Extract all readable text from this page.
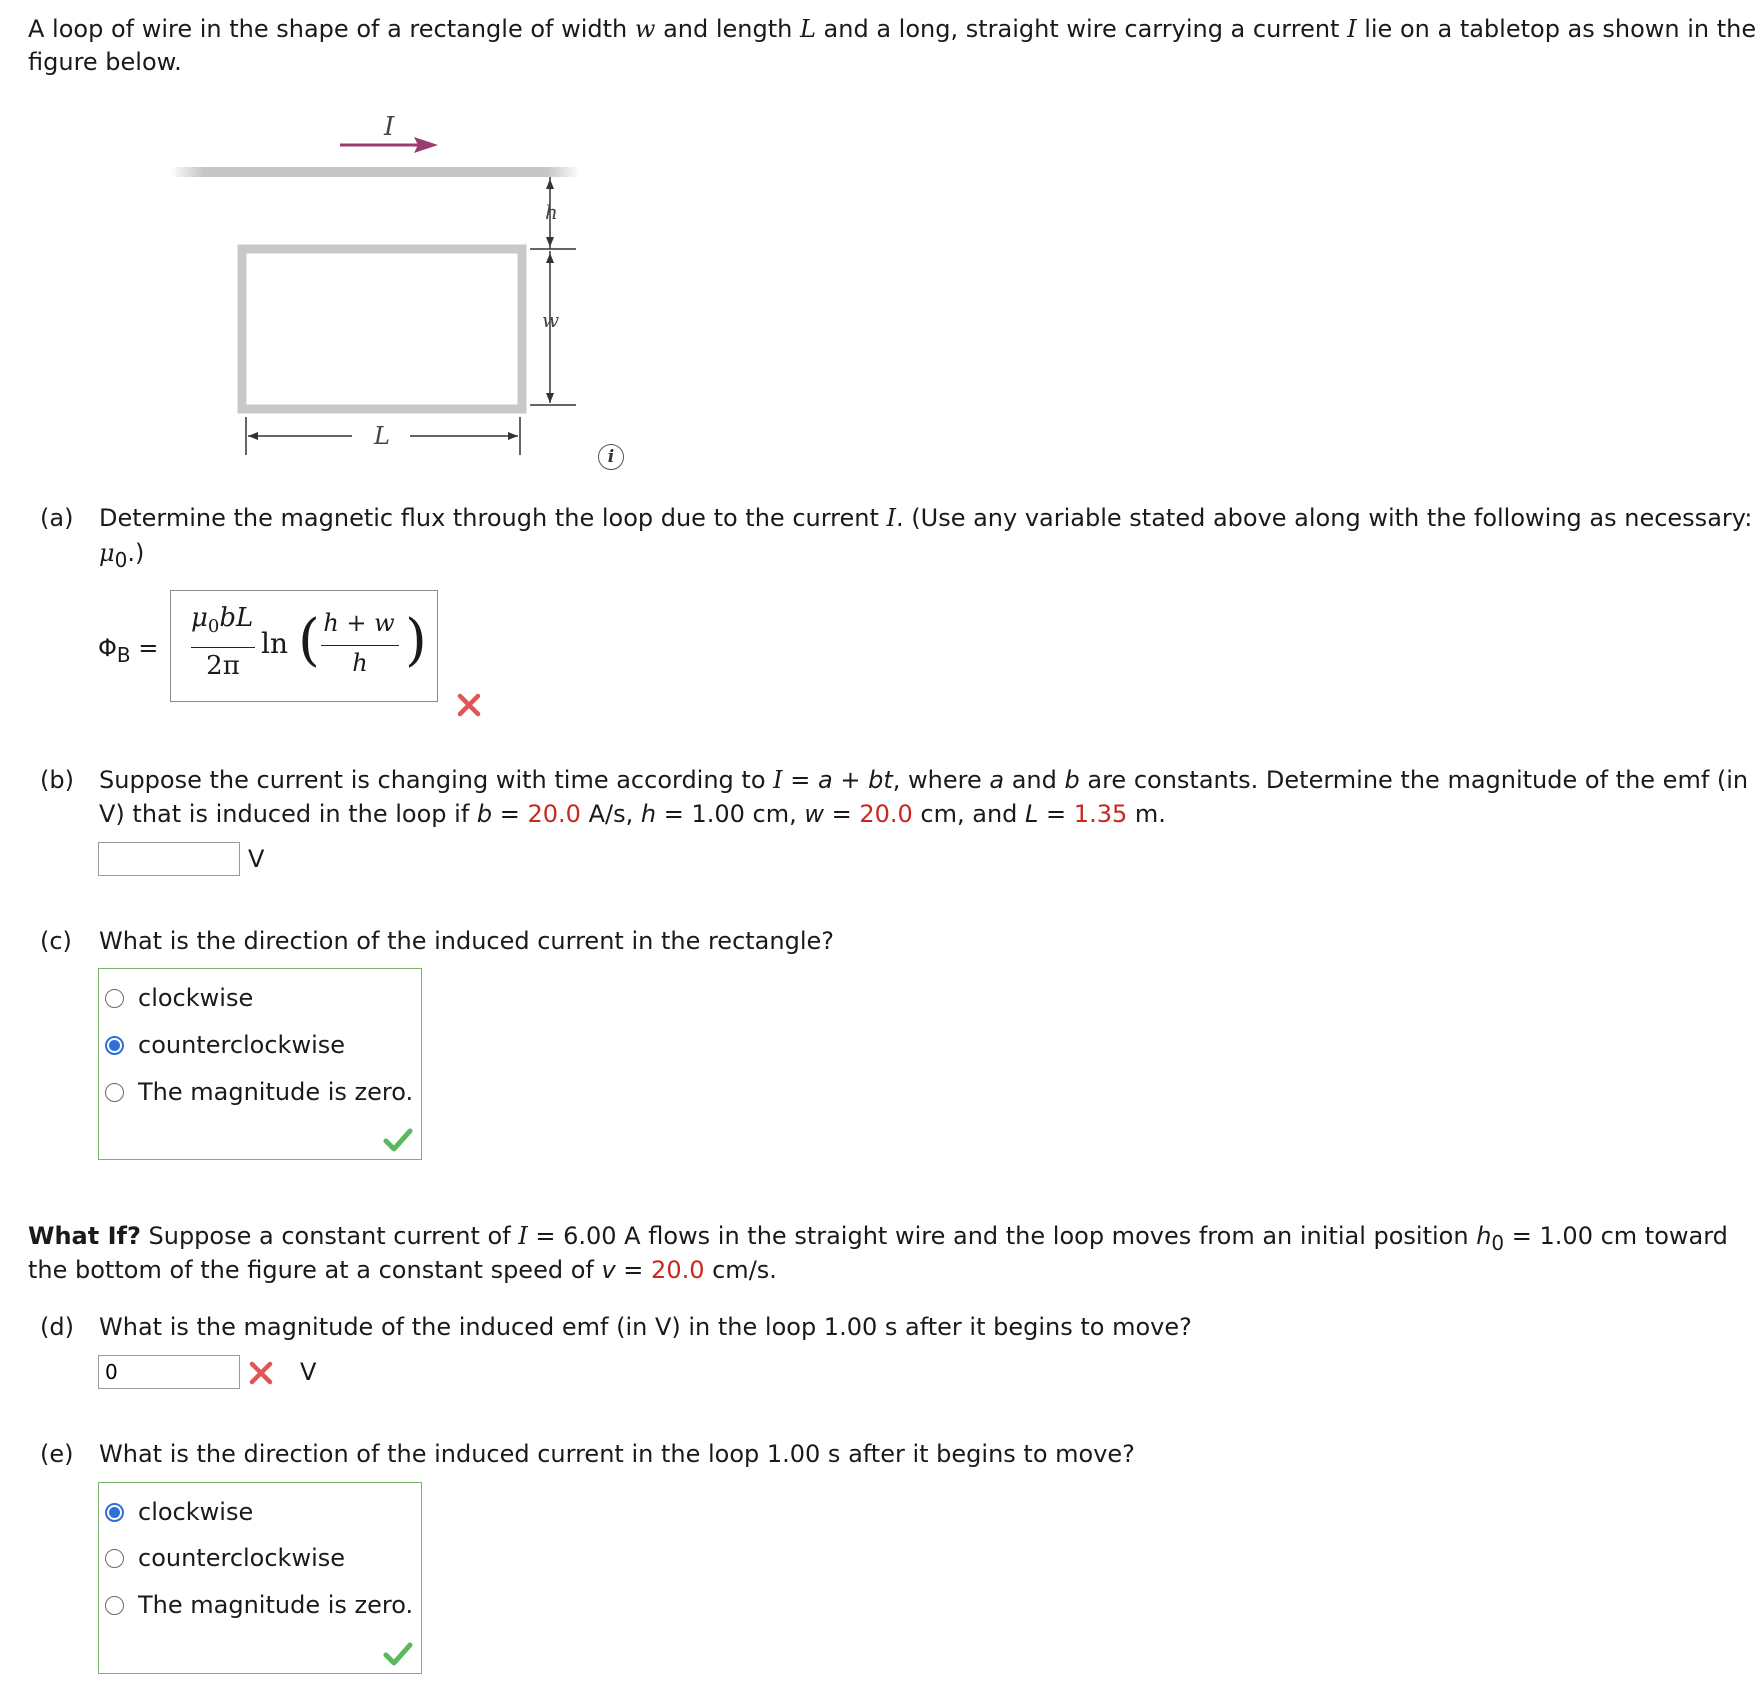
A loop of wire in the shape of a rectangle of width w and length L and a long, straight wire carrying a current I lie on a tabletop as shown in the
figure below.
I
h
w
L
i
(a) Determine the magnetic flux through the loop due to the current I. (Use any variable stated above along with the following as necessary:
$\mu_0$.)
$\Phi_B$ =
$\mu_0bL$
2π
ln ( h + w
h )
(b) Suppose the current is changing with time according to I = a + bt, where a and b are constants. Determine the magnitude of the emf (in
V) that is induced in the loop if b = 20.0 A/s, h = 1.00 cm, w = 20.0 cm, and L = 1.35 m.
V
(c) What is the direction of the induced current in the rectangle?
clockwise
counterclockwise
The magnitude is zero.
What If? Suppose a constant current of I = 6.00 A flows in the straight wire and the loop moves from an initial position $h_0 = 1.00$ cm toward
the bottom of the figure at a constant speed of v = 20.0 cm/s.
(d) What is the magnitude of the induced emf (in V) in the loop 1.00 s after it begins to move?
0
V
(e) What is the direction of the induced current in the loop 1.00 s after it begins to move?
clockwise
counterclockwise
The magnitude is zero.
